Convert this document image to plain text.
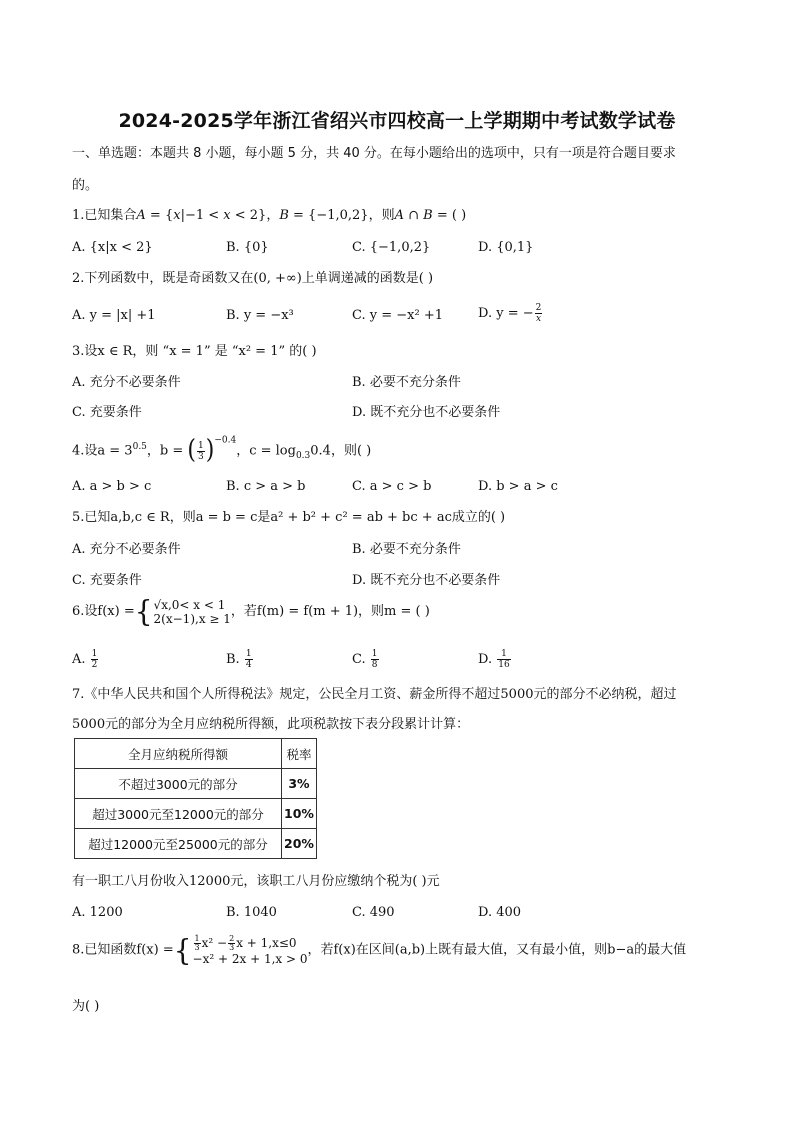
2024-2025学年浙江省绍兴市四校高一上学期期中考试数学试卷
一、单选题：本题共 8 小题，每小题 5 分，共 40 分。在每小题给出的选项中，只有一项是符合题目要求
的。
1.已知集合A = {x|−1 < x < 2}，B = {−1,0,2}，则A ∩ B = ( )
A. {x|x < 2}	B. {0}	C. {−1,0,2}	D. {0,1}
2.下列函数中，既是奇函数又在(0, +∞)上单调递减的函数是( )
A. y = |x| +1	B. y = −x³	C. y = −x² +1	D. y = − $\frac{2}{x}$
3.设x ∈ R，则 “x = 1” 是 “x² = 1” 的( )
A. 充分不必要条件	B. 必要不充分条件
C. 充要条件	D. 既不充分也不必要条件
4.设$a = 3^{0.5}$，b = ( $\frac{1}{3} )^{-0.4}$，$c = \log_{0.3}0.4$，则( )
A. a > b > c	B. c > a > b	C. a > c > b	D. b > a > c
5.已知a,b,c ∈ R，则a = b = c是a² + b² + c² = ab + bc + ac成立的( )
A. 充分不必要条件	B. 必要不充分条件
C. 充要条件	D. 既不充分也不必要条件
6.设f(x) ={ √x,0< x < 1
2(x−1),x ≥ 1 ，若f(m) = f(m + 1)，则m = ( )
A. $\frac{1}{2}$	B. $\frac{1}{4}$	C. $\frac{1}{8}$	D. $\frac{1}{16}$
7.《中华人民共和国个人所得税法》规定，公民全月工资、薪金所得不超过5000元的部分不必纳税，超过
5000元的部分为全月应纳税所得额，此项税款按下表分段累计计算：
全月应纳税所得额	税率
不超过3000元的部分	3%
超过3000元至12000元的部分	10%
超过12000元至25000元的部分	20%
有一职工八月份收入12000元，该职工八月份应缴纳个税为( )元
A. 1200	B. 1040	C. 490	D. 400
8.已知函数f(x) ={ $\frac{1}{3} x^2 - \frac{2}{3}$ x + 1,x≤0
−x² + 2x + 1,x > 0
，若f(x)在区间(a,b)上既有最大值，又有最小值，则b−a的最大值
为( )
